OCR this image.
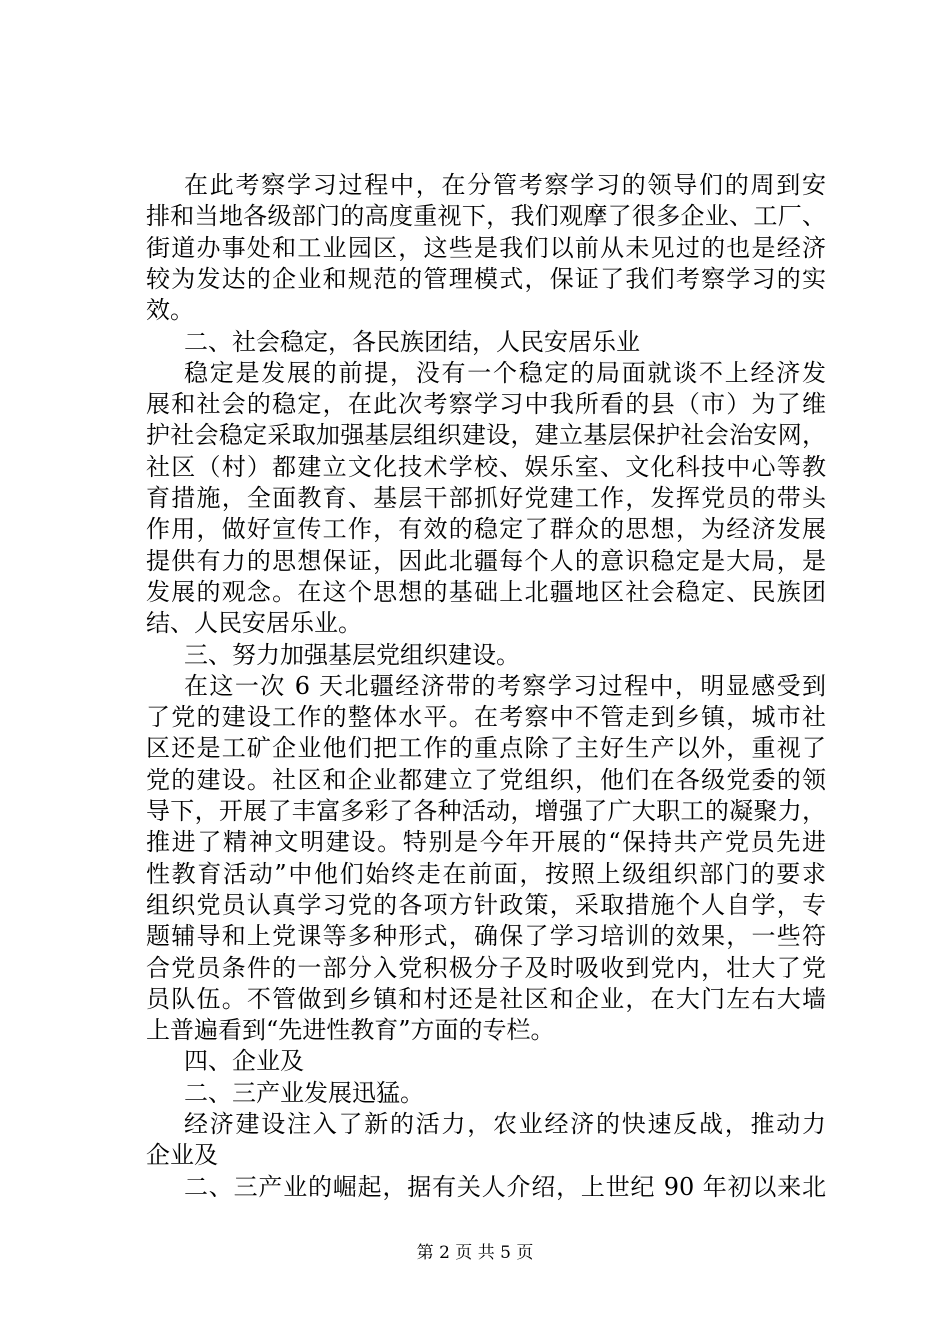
在此考察学习过程中，在分管考察学习的领导们的周到安
排和当地各级部门的高度重视下，我们观摩了很多企业、工厂、
街道办事处和工业园区，这些是我们以前从未见过的也是经济
较为发达的企业和规范的管理模式，保证了我们考察学习的实
效。
二、社会稳定，各民族团结，人民安居乐业
稳定是发展的前提，没有一个稳定的局面就谈不上经济发
展和社会的稳定，在此次考察学习中我所看的县（市）为了维
护社会稳定采取加强基层组织建设，建立基层保护社会治安网，
社区（村）都建立文化技术学校、娱乐室、文化科技中心等教
育措施，全面教育、基层干部抓好党建工作，发挥党员的带头
作用，做好宣传工作，有效的稳定了群众的思想，为经济发展
提供有力的思想保证，因此北疆每个人的意识稳定是大局，是
发展的观念。在这个思想的基础上北疆地区社会稳定、民族团
结、人民安居乐业。
三、努力加强基层党组织建设。
在这一次 6 天北疆经济带的考察学习过程中，明显感受到
了党的建设工作的整体水平。在考察中不管走到乡镇，城市社
区还是工矿企业他们把工作的重点除了主好生产以外，重视了
党的建设。社区和企业都建立了党组织，他们在各级党委的领
导下，开展了丰富多彩了各种活动，增强了广大职工的凝聚力，
推进了精神文明建设。特别是今年开展的“保持共产党员先进
性教育活动”中他们始终走在前面，按照上级组织部门的要求
组织党员认真学习党的各项方针政策，采取措施个人自学，专
题辅导和上党课等多种形式，确保了学习培训的效果，一些符
合党员条件的一部分入党积极分子及时吸收到党内，壮大了党
员队伍。不管做到乡镇和村还是社区和企业，在大门左右大墙
上普遍看到“先进性教育”方面的专栏。
四、企业及
二、三产业发展迅猛。
经济建设注入了新的活力，农业经济的快速反战，推动力
企业及
二、三产业的崛起，据有关人介绍，上世纪 90 年初以来北
第 2 页 共 5 页
